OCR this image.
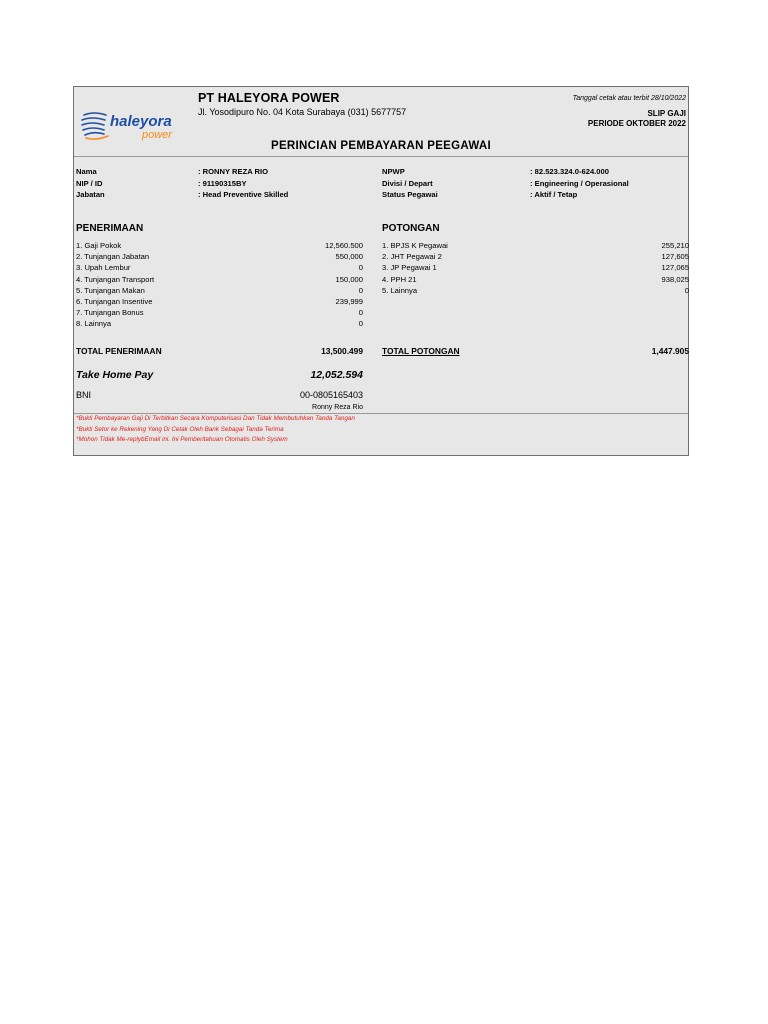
haleyora
power
PT HALEYORA POWER
Jl. Yosodipuro No. 04 Kota Surabaya (031) 5677757
Tanggal cetak atau terbit 28/10/2022
SLIP GAJI
PERIODE OKTOBER 2022
PERINCIAN PEMBAYARAN PEEGAWAI
Nama	: RONNY REZA RIO
NIP / ID	: 91190315BY
Jabatan	: Head Preventive Skilled
NPWP	: 82.523.324.0-624.000
Divisi / Depart	: Engineering / Operasional
Status Pegawai	: Aktif / Tetap
PENERIMAAN	POTONGAN
1. Gaji Pokok	12,560.500
2. Tunjangan Jabatan	550,000
3. Upah Lembur	0
4. Tunjangan Transport	150,000
5. Tunjangan Makan	0
6. Tunjangan Insentive	239,999
7. Tunjangan Bonus	0
8. Lainnya	0
1. BPJS K Pegawai	255,210
2. JHT Pegawai 2	127,605
3. JP Pegawai 1	127,065
4. PPH 21	938,025
5. Lainnya	0
TOTAL PENERIMAAN	13,500.499 TOTAL POTONGAN	1,447.905
Take Home Pay	12,052.594
BNI	00-0805165403
Ronny Reza Rio
*Bukti Pembayaran Gaji Di Terbitkan Secara Komputerisasi Dan Tidak Membutuhkan Tanda Tangan
*Bukti Setor ke Rekening Yang Di Cetak Oleh Bank Sebagai Tanda Terima
*Mohon Tidak Me-replybEmail ini. Ini Pemberitahuan Otomatis Oleh System
